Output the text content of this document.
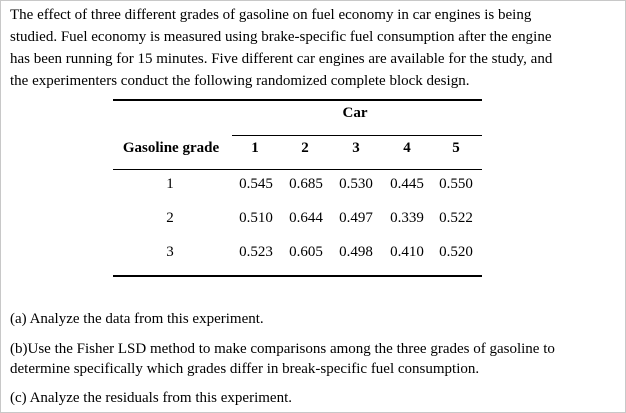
The effect of three different grades of gasoline on fuel economy in car engines is being
studied. Fuel economy is measured using brake-specific fuel consumption after the engine
has been running for 15 minutes. Five different car engines are available for the study, and
the experimenters conduct the following randomized complete block design.
Car
Gasoline grade	1	2	3	4	5
1	0.545	0.685	0.530	0.445	0.550
2	0.510	0.644	0.497	0.339	0.522
3	0.523	0.605	0.498	0.410	0.520
(a) Analyze the data from this experiment.
(b)Use the Fisher LSD method to make comparisons among the three grades of gasoline to
determine specifically which grades differ in break-specific fuel consumption.
(c) Analyze the residuals from this experiment.
